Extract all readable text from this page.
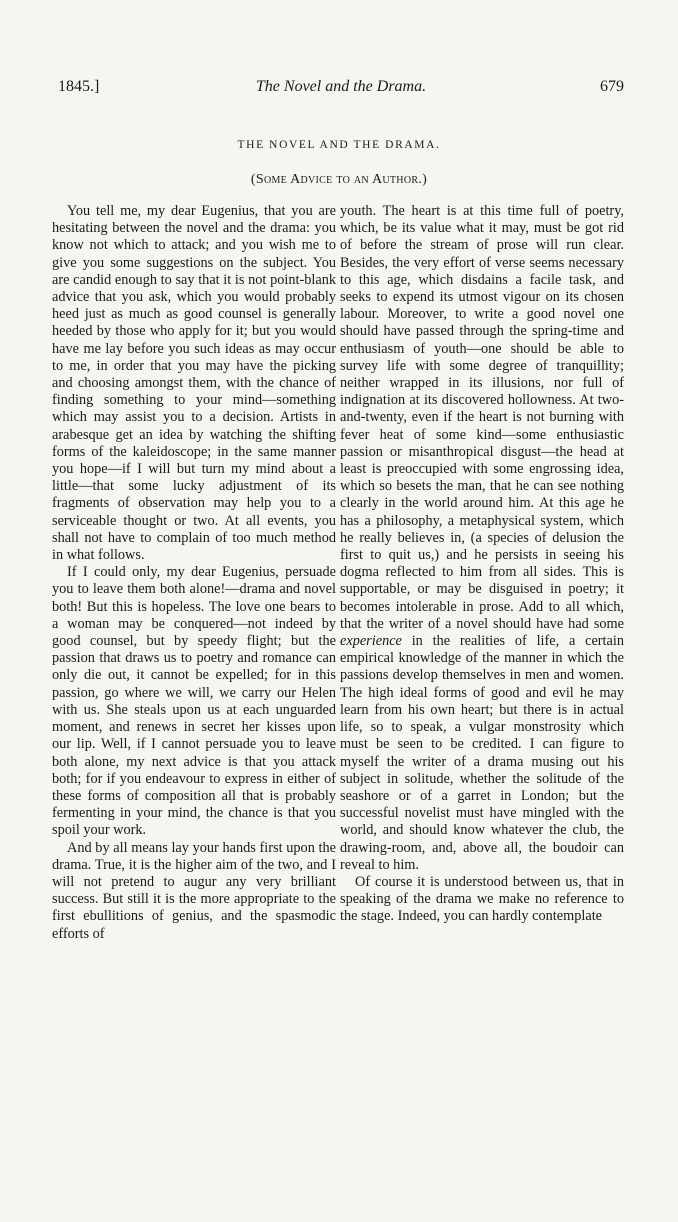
1845.]	The Novel and the Drama.	679
THE NOVEL AND THE DRAMA.
(Some Advice to an Author.)

You tell me, my dear Eugenius, that you are hesitating between the novel and the drama: you know not which to attack; and you wish me to give you some suggestions on the subject. You are candid enough to say that it is not point-blank advice that you ask, which you would probably heed just as much as good counsel is generally heeded by those who apply for it; but you would have me lay before you such ideas as may occur to me, in order that you may have the picking and choosing amongst them, with the chance of finding something to your mind—something which may assist you to a decision. Artists in arabesque get an idea by watching the shifting forms of the kaleidoscope; in the same manner you hope—if I will but turn my mind about a little—that some lucky adjustment of its fragments of observation may help you to a serviceable thought or two. At all events, you shall not have to complain of too much method in what follows.

If I could only, my dear Eugenius, persuade you to leave them both alone!—drama and novel both! But this is hopeless. The love one bears to a woman may be conquered—not indeed by good counsel, but by speedy flight; but the passion that draws us to poetry and romance can only die out, it cannot be expelled; for in this passion, go where we will, we carry our Helen with us. She steals upon us at each unguarded moment, and renews in secret her kisses upon our lip. Well, if I cannot persuade you to leave both alone, my next advice is that you attack both; for if you endeavour to express in either of these forms of composition all that is probably fermenting in your mind, the chance is that you spoil your work.

And by all means lay your hands first upon the drama. True, it is the higher aim of the two, and I will not pretend to augur any very brilliant success. But still it is the more appropriate to the first ebullitions of genius, and the spasmodic efforts of

youth. The heart is at this time full of poetry, which, be its value what it may, must be got rid of before the stream of prose will run clear. Besides, the very effort of verse seems necessary to this age, which disdains a facile task, and seeks to expend its utmost vigour on its chosen labour. Moreover, to write a good novel one should have passed through the spring-time and enthusiasm of youth—one should be able to survey life with some degree of tranquillity; neither wrapped in its illusions, nor full of indignation at its discovered hollowness. At two-and-twenty, even if the heart is not burning with fever heat of some kind—some enthusiastic passion or misanthropical disgust—the head at least is preoccupied with some engrossing idea, which so besets the man, that he can see nothing clearly in the world around him. At this age he has a philosophy, a metaphysical system, which he really believes in, (a species of delusion the first to quit us,) and he persists in seeing his dogma reflected to him from all sides. This is supportable, or may be disguised in poetry; it becomes intolerable in prose. Add to all which, that the writer of a novel should have had some experience in the realities of life, a certain empirical knowledge of the manner in which the passions develop themselves in men and women. The high ideal forms of good and evil he may learn from his own heart; but there is in actual life, so to speak, a vulgar monstrosity which must be seen to be credited. I can figure to myself the writer of a drama musing out his subject in solitude, whether the solitude of the seashore or of a garret in London; but the successful novelist must have mingled with the world, and should know whatever the club, the drawing-room, and, above all, the boudoir can reveal to him.

Of course it is understood between us, that in speaking of the drama we make no reference to the stage. Indeed, you can hardly contemplate
